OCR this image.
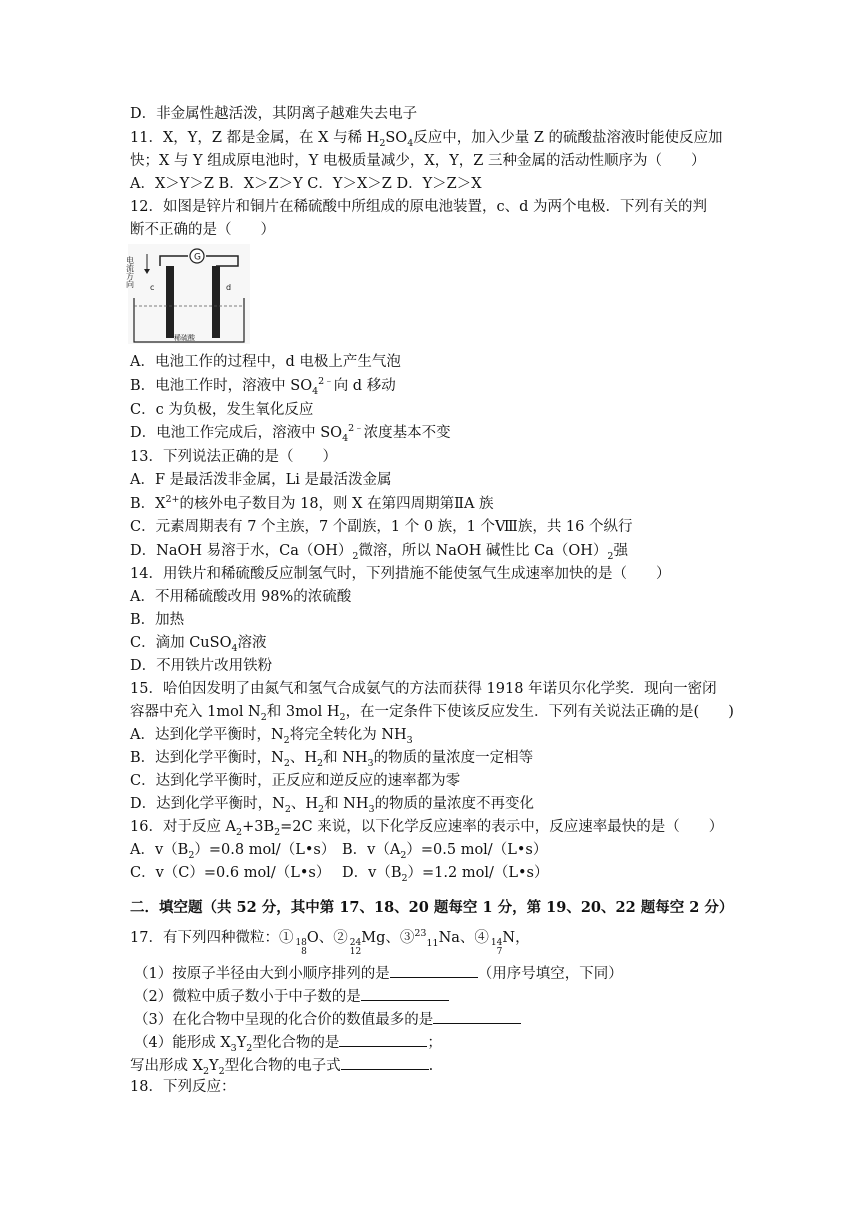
D．非金属性越活泼，其阴离子越难失去电子
11．X，Y，Z 都是金属，在 X 与稀 $H_2SO_4$反应中，加入少量 Z 的硫酸盐溶液时能使反应加
快；X 与 Y 组成原电池时，Y 电极质量减少，X，Y，Z 三种金属的活动性顺序为（　　）
A．X＞Y＞Z B．X＞Z＞Y C．Y＞X＞Z D．Y＞Z＞X
12．如图是锌片和铜片在稀硫酸中所组成的原电池装置，c、d 为两个电极．下列有关的判
断不正确的是（　　）
电流方向	G
c	d
稀硫酸
A．电池工作的过程中，d 电极上产生气泡
B．电池工作时，溶液中 $SO_4^{2﹣}$向 d 移动
C．c 为负极，发生氧化反应
D．电池工作完成后，溶液中 $SO_4^{2﹣}$浓度基本不变
13．下列说法正确的是（　　）
A．F 是最活泼非金属，Li 是最活泼金属
B．$X^{2+}$的核外电子数目为 18，则 X 在第四周期第ⅡA 族
C．元素周期表有 7 个主族，7 个副族，1 个 0 族，1 个Ⅷ族，共 16 个纵行
D．NaOH 易溶于水，$Ca(OH)_2$微溶，所以 NaOH 碱性比 $Ca(OH)_2$强
14．用铁片和稀硫酸反应制氢气时，下列措施不能使氢气生成速率加快的是（　　）
A．不用稀硫酸改用 98%的浓硫酸
B．加热
C．滴加 CuSO$_4$溶液
D．不用铁片改用铁粉
15．哈伯因发明了由氮气和氢气合成氨气的方法而获得 1918 年诺贝尔化学奖．现向一密闭
容器中充入 1mol $N_2$和 3mol $H_2$，在一定条件下使该反应发生．下列有关说法正确的是(　　)
A．达到化学平衡时，$N_2$将完全转化为 $NH_3$
B．达到化学平衡时，$N_2$、$H_2$和 $NH_3$的物质的量浓度一定相等
C．达到化学平衡时，正反应和逆反应的速率都为零
D．达到化学平衡时，$N_2$、$H_2$和 $NH_3$的物质的量浓度不再变化
16．对于反应 $A_2+3B_2=2C$ 来说，以下化学反应速率的表示中，反应速率最快的是（　　）
A．$v(B_2)=0.8$ mol/（L•s） B．$v(A_2)=0.5$ mol/（L•s）
C．v（C）=0.6 mol/（L•s） D．$v(B_2)=1.2$ mol/（L•s）
二．填空题（共 52 分，其中第 17、18、20 题每空 1 分，第 19、20、22 题每空 2 分）
17．有下列四种微粒：① 18
8
O、② 24
12
Mg、③$^{23}_{11}$Na、④ 14
7
N，
（1）按原子半径由大到小顺序排列的是	（用序号填空，下同）
（2）微粒中质子数小于中子数的是
（3）在化合物中呈现的化合价的数值最多的是
（4）能形成 $X_3Y_2$型化合物的是	；
写出形成 $X_2Y_2$型化合物的电子式	.
18．下列反应：
